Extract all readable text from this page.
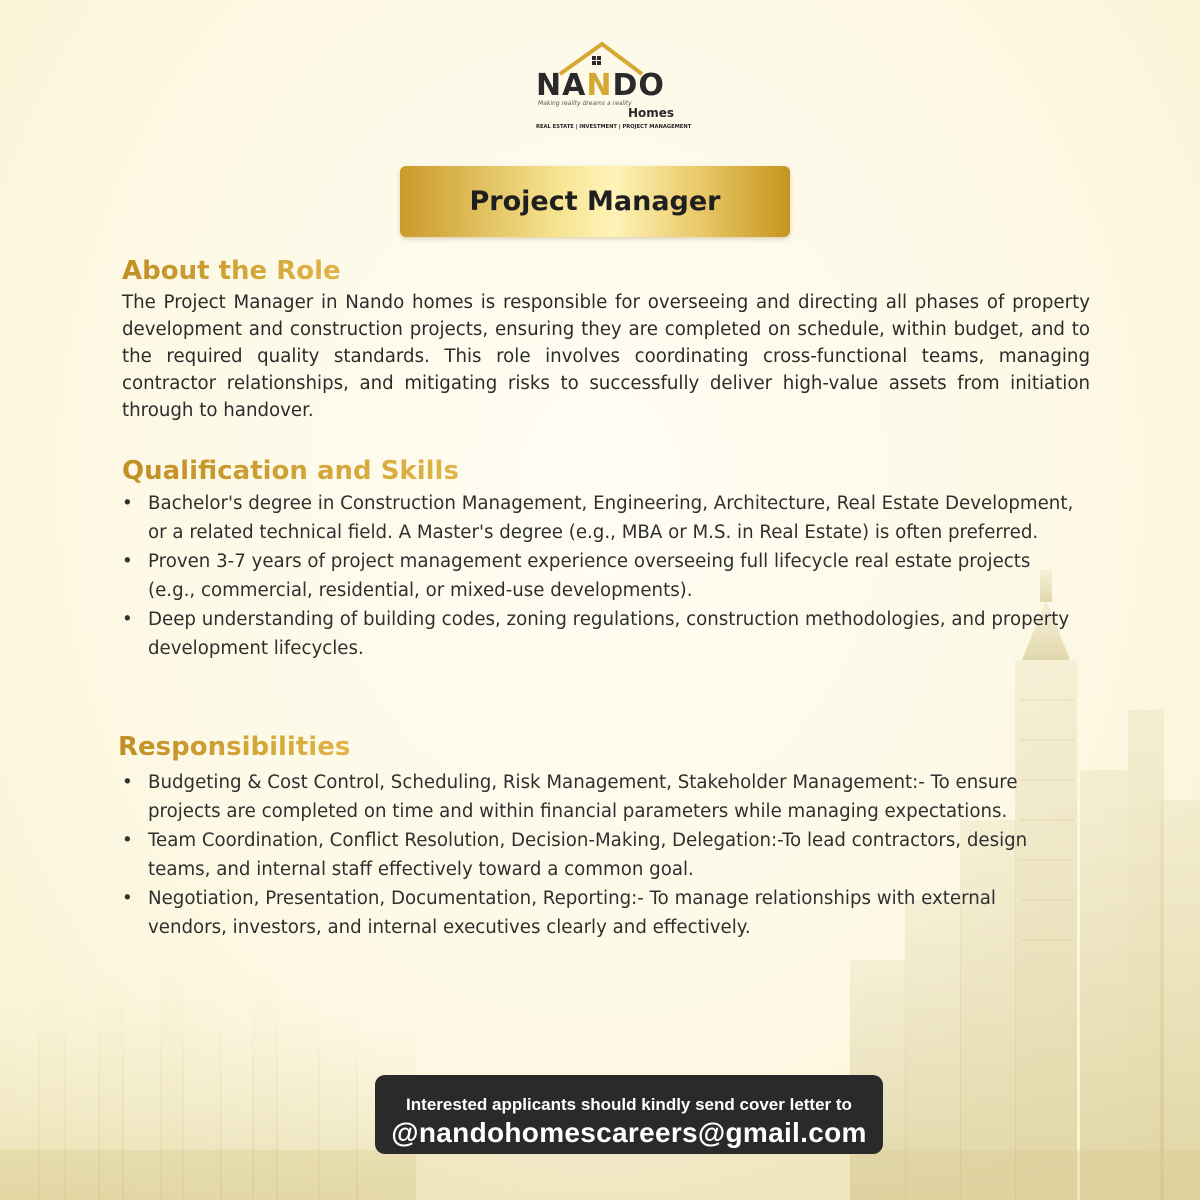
NANDO
Making reality dreams a reality
Homes
REAL ESTATE | INVESTMENT | PROJECT MANAGEMENT
Project Manager
About the Role
The Project Manager in Nando homes is responsible for overseeing and directing all phases of property development and construction projects, ensuring they are completed on schedule, within budget, and to the required quality standards. This role involves coordinating cross-functional teams, managing contractor relationships, and mitigating risks to successfully deliver high-value assets from initiation through to handover.
Qualification and Skills
• Bachelor's degree in Construction Management, Engineering, Architecture, Real Estate Development, or a related technical field. A Master's degree (e.g., MBA or M.S. in Real Estate) is often preferred.
• Proven 3-7 years of project management experience overseeing full lifecycle real estate projects (e.g., commercial, residential, or mixed-use developments).
• Deep understanding of building codes, zoning regulations, construction methodologies, and property development lifecycles.
Responsibilities
• Budgeting & Cost Control, Scheduling, Risk Management, Stakeholder Management:- To ensure projects are completed on time and within financial parameters while managing expectations.
• Team Coordination, Conflict Resolution, Decision-Making, Delegation:-To lead contractors, design teams, and internal staff effectively toward a common goal.
• Negotiation, Presentation, Documentation, Reporting:- To manage relationships with external vendors, investors, and internal executives clearly and effectively.
Interested applicants should kindly send cover letter to
@nandohomescareers@gmail.com
